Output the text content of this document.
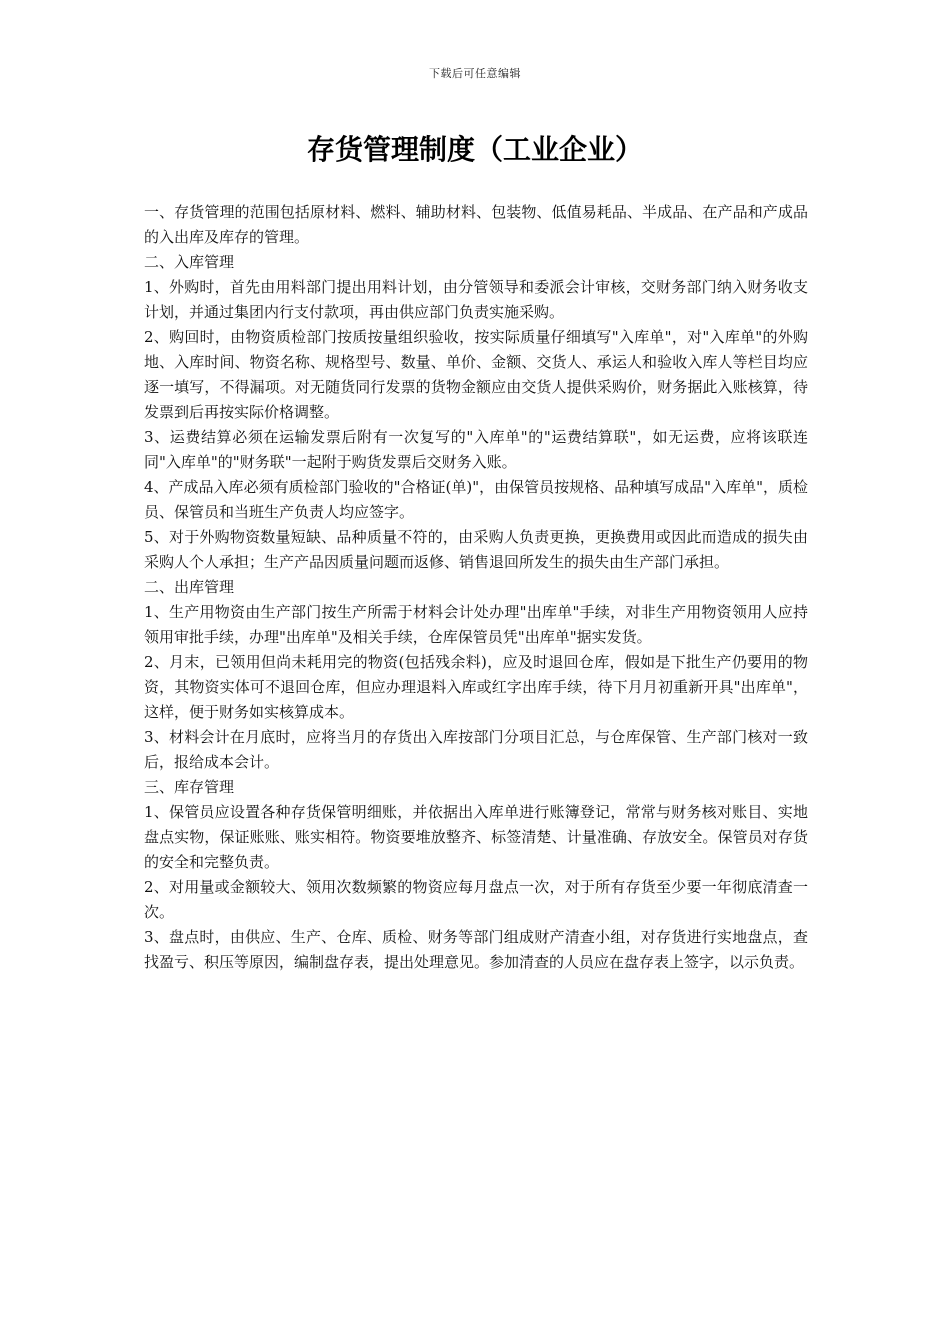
下载后可任意编辑
存货管理制度（工业企业）

一、存货管理的范围包括原材料、燃料、辅助材料、包装物、低值易耗品、半成品、在产品和产成品的入出库及库存的管理。

二、入库管理

1、外购时，首先由用料部门提出用料计划，由分管领导和委派会计审核，交财务部门纳入财务收支计划，并通过集团内行支付款项，再由供应部门负责实施采购。

2、购回时，由物资质检部门按质按量组织验收，按实际质量仔细填写"入库单"，对"入库单"的外购地、入库时间、物资名称、规格型号、数量、单价、金额、交货人、承运人和验收入库人等栏目均应逐一填写，不得漏项。对无随货同行发票的货物金额应由交货人提供采购价，财务据此入账核算，待发票到后再按实际价格调整。

3、运费结算必须在运输发票后附有一次复写的"入库单"的"运费结算联"，如无运费，应将该联连同"入库单"的"财务联"一起附于购货发票后交财务入账。

4、产成品入库必须有质检部门验收的"合格证(单)"，由保管员按规格、品种填写成品"入库单"，质检员、保管员和当班生产负责人均应签字。

5、对于外购物资数量短缺、品种质量不符的，由采购人负责更换，更换费用或因此而造成的损失由采购人个人承担；生产产品因质量问题而返修、销售退回所发生的损失由生产部门承担。

二、出库管理

1、生产用物资由生产部门按生产所需于材料会计处办理"出库单"手续，对非生产用物资领用人应持领用审批手续，办理"出库单"及相关手续，仓库保管员凭"出库单"据实发货。

2、月末，已领用但尚未耗用完的物资(包括残余料)，应及时退回仓库，假如是下批生产仍要用的物资，其物资实体可不退回仓库，但应办理退料入库或红字出库手续，待下月月初重新开具"出库单"，这样，便于财务如实核算成本。

3、材料会计在月底时，应将当月的存货出入库按部门分项目汇总，与仓库保管、生产部门核对一致后，报给成本会计。

三、库存管理

1、保管员应设置各种存货保管明细账，并依据出入库单进行账簿登记，常常与财务核对账目、实地盘点实物，保证账账、账实相符。物资要堆放整齐、标签清楚、计量准确、存放安全。保管员对存货的安全和完整负责。

2、对用量或金额较大、领用次数频繁的物资应每月盘点一次，对于所有存货至少要一年彻底清查一次。

3、盘点时，由供应、生产、仓库、质检、财务等部门组成财产清查小组，对存货进行实地盘点，查找盈亏、积压等原因，编制盘存表，提出处理意见。参加清查的人员应在盘存表上签字，以示负责。
